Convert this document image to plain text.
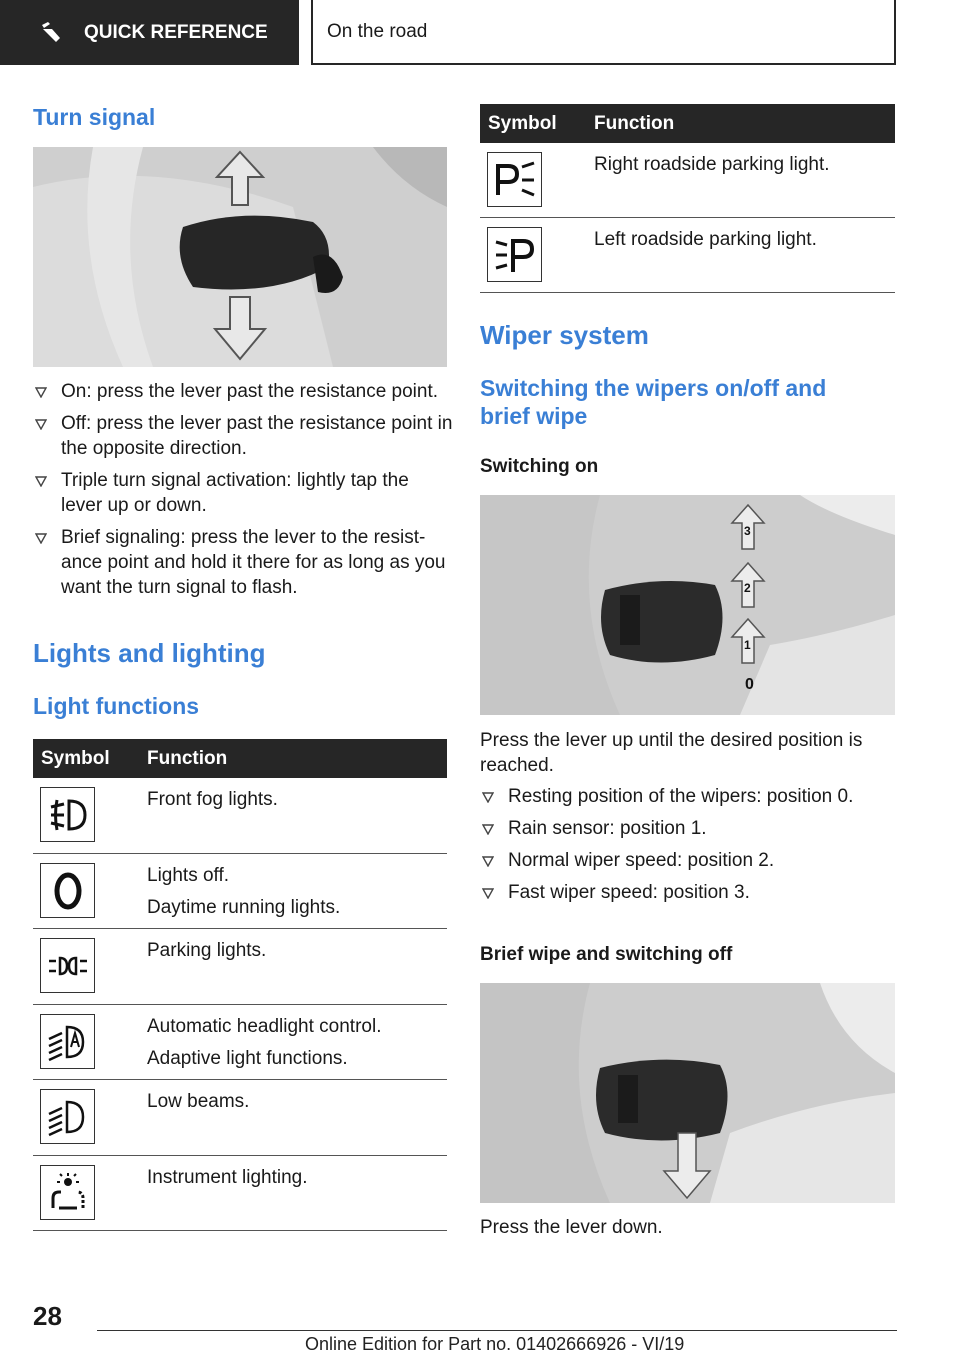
QUICK REFERENCE	On the road
Turn signal
On: press the lever past the resistance point.
Off: press the lever past the resistance point in the opposite direction.
Triple turn signal activation: lightly tap the lever up or down.
Brief signaling: press the lever to the resistance point and hold it there for as long as you want the turn signal to flash.
Lights and lighting
Light functions
Symbol	Function
Front fog lights.
Lights off.
Daytime running lights.
Parking lights.
Automatic headlight control.
Adaptive light functions.
Low beams.
Instrument lighting.
Symbol	Function
Right roadside parking light.
Left roadside parking light.
Wiper system
Switching the wipers on/off and brief wipe
Switching on
0
1
2
3
Press the lever up until the desired position is reached.
Resting position of the wipers: position 0.
Rain sensor: position 1.
Normal wiper speed: position 2.
Fast wiper speed: position 3.
Brief wipe and switching off
Press the lever down.
28
Online Edition for Part no. 01402666926 - VI/19
